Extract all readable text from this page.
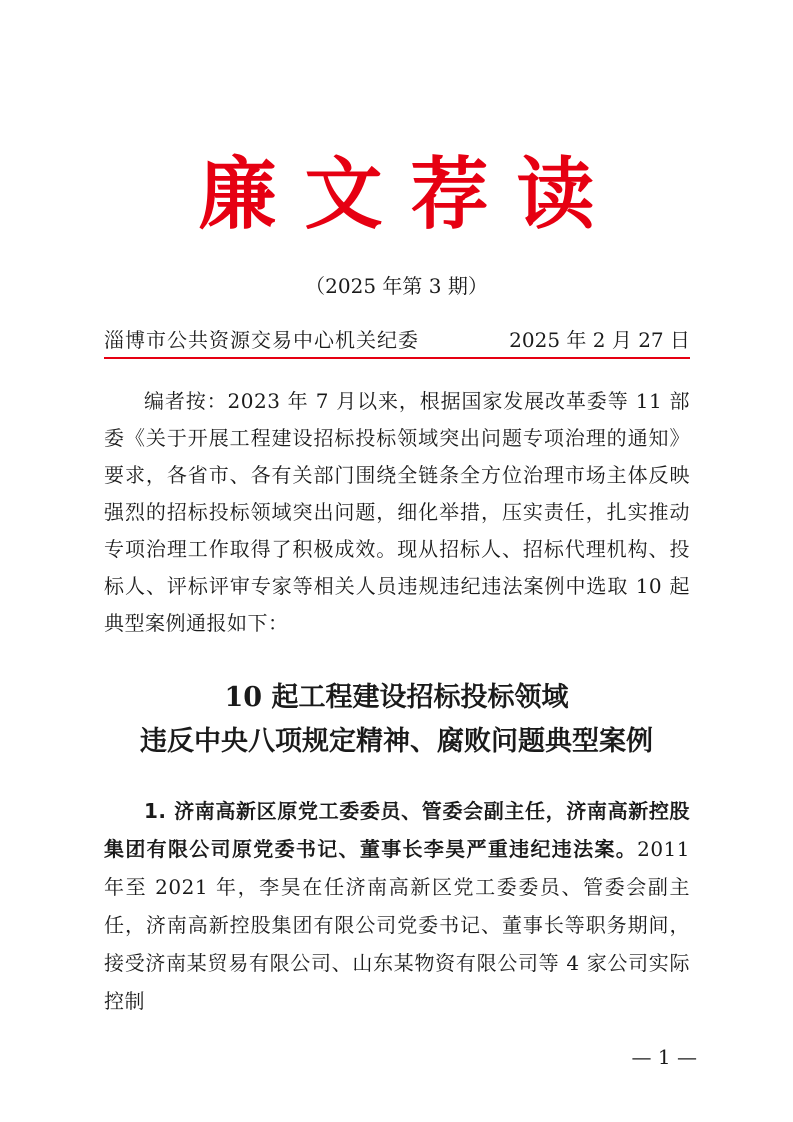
廉文荐读
（2025 年第 3 期）
淄博市公共资源交易中心机关纪委	2025 年 2 月 27 日

编者按：2023 年 7 月以来，根据国家发展改革委等 11 部委《关于开展工程建设招标投标领域突出问题专项治理的通知》要求，各省市、各有关部门围绕全链条全方位治理市场主体反映强烈的招标投标领域突出问题，细化举措，压实责任，扎实推动专项治理工作取得了积极成效。现从招标人、招标代理机构、投标人、评标评审专家等相关人员违规违纪违法案例中选取 10 起典型案例通报如下：

10 起工程建设招标投标领域
违反中央八项规定精神、腐败问题典型案例

1. 济南高新区原党工委委员、管委会副主任，济南高新控股集团有限公司原党委书记、董事长李昊严重违纪违法案。2011 年至 2021 年，李昊在任济南高新区党工委委员、管委会副主任，济南高新控股集团有限公司党委书记、董事长等职务期间，接受济南某贸易有限公司、山东某物资有限公司等 4 家公司实际控制

— 1 —
